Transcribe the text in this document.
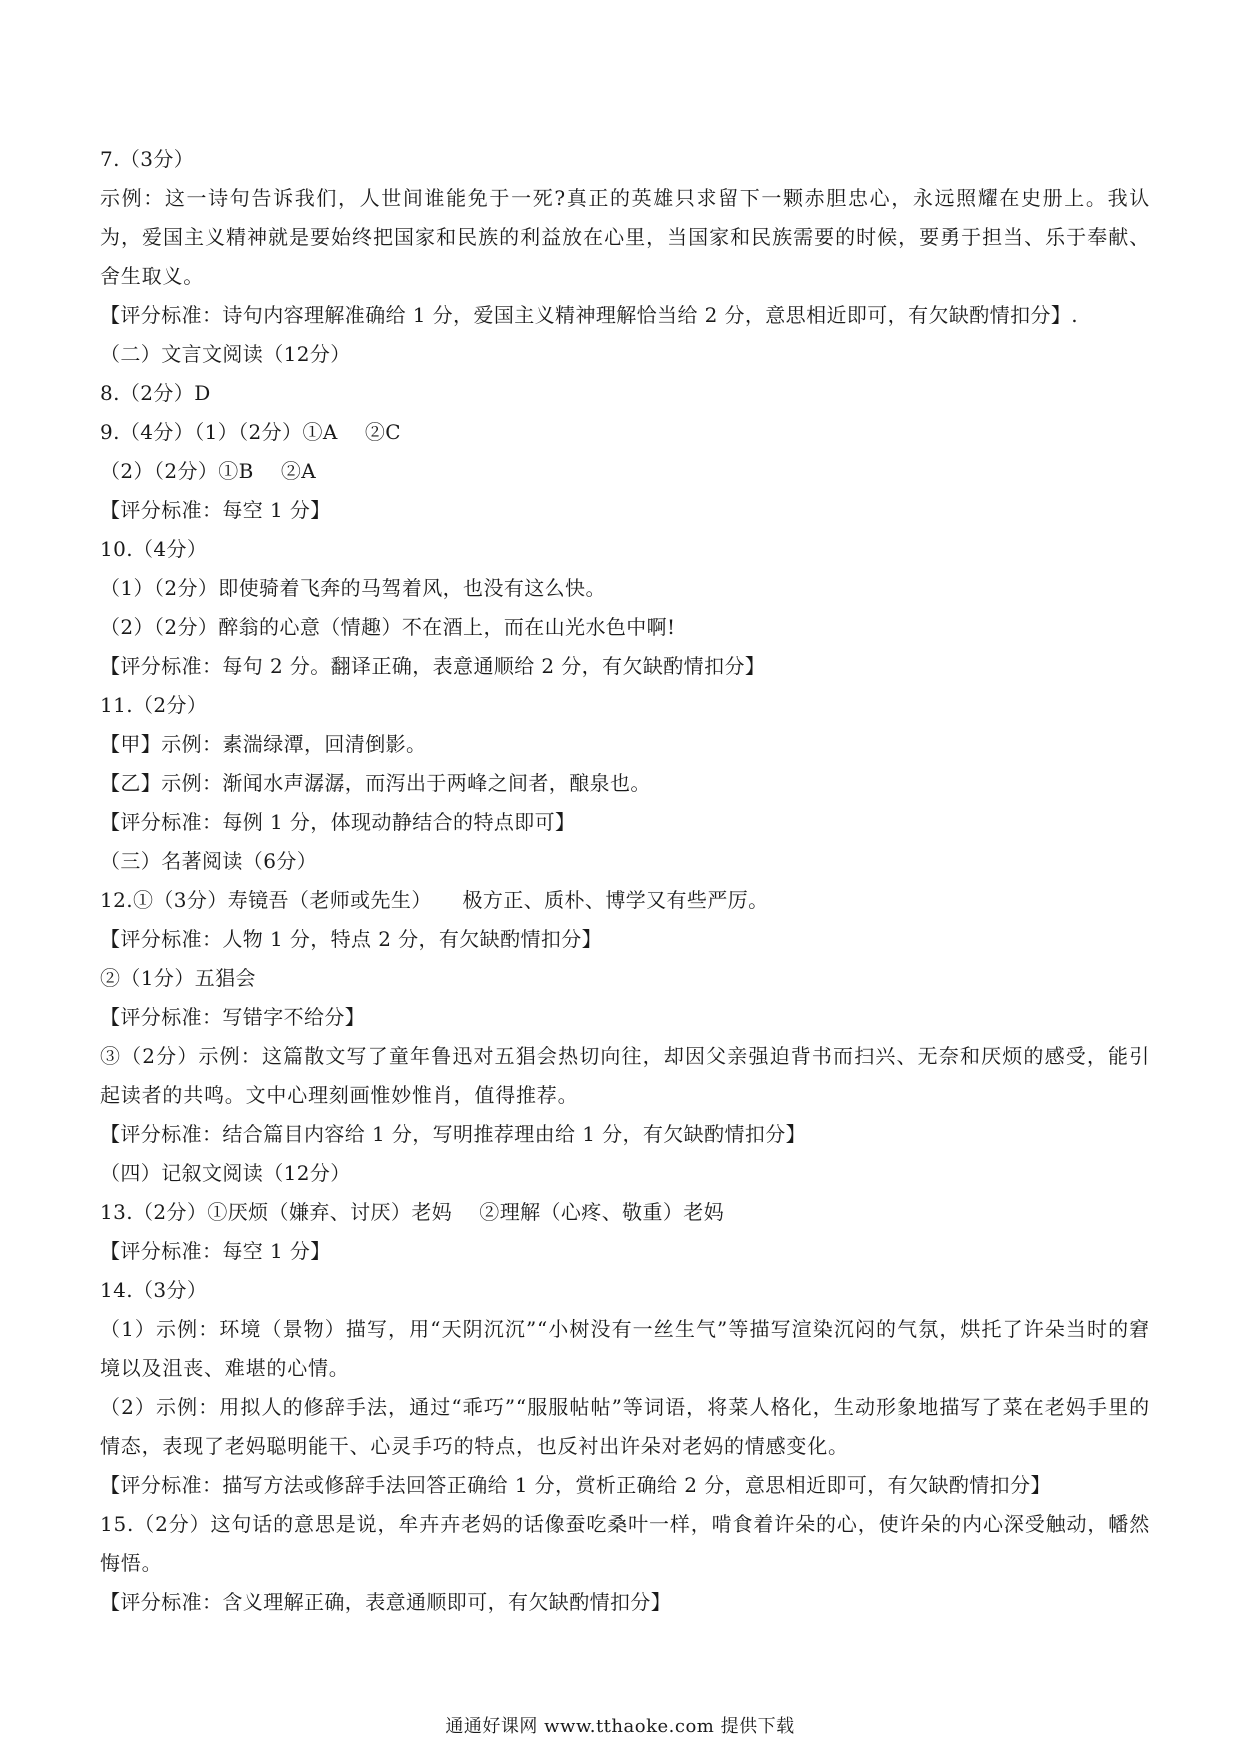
7.（3分）
示例：这一诗句告诉我们，人世间谁能免于一死?真正的英雄只求留下一颗赤胆忠心，永远照耀在史册上。我认为，爱国主义精神就是要始终把国家和民族的利益放在心里，当国家和民族需要的时候，要勇于担当、乐于奉献、舍生取义。
【评分标准：诗句内容理解准确给 1 分，爱国主义精神理解恰当给 2 分，意思相近即可，有欠缺酌情扣分】.
（二）文言文阅读（12分）
8.（2分）D
9.（4分）（1）（2分）①A　 ②C
（2）（2分）①B　 ②A
【评分标准：每空 1 分】
10.（4分）
（1）（2分）即使骑着飞奔的马驾着风，也没有这么快。
（2）（2分）醉翁的心意（情趣）不在酒上，而在山光水色中啊!
【评分标准：每句 2 分。翻译正确，表意通顺给 2 分，有欠缺酌情扣分】
11.（2分）
【甲】示例：素湍绿潭，回清倒影。
【乙】示例：渐闻水声潺潺，而泻出于两峰之间者，酿泉也。
【评分标准：每例 1 分，体现动静结合的特点即可】
（三）名著阅读（6分）
12.①（3分）寿镜吾（老师或先生）　　极方正、质朴、博学又有些严厉。
【评分标准：人物 1 分，特点 2 分，有欠缺酌情扣分】
②（1分）五猖会
【评分标准：写错字不给分】
③（2分）示例：这篇散文写了童年鲁迅对五猖会热切向往，却因父亲强迫背书而扫兴、无奈和厌烦的感受，能引起读者的共鸣。文中心理刻画惟妙惟肖，值得推荐。
【评分标准：结合篇目内容给 1 分，写明推荐理由给 1 分，有欠缺酌情扣分】
（四）记叙文阅读（12分）
13.（2分）①厌烦（嫌弃、讨厌）老妈　 ②理解（心疼、敬重）老妈
【评分标准：每空 1 分】
14.（3分）
（1）示例：环境（景物）描写，用“天阴沉沉”“小树没有一丝生气”等描写渲染沉闷的气氛，烘托了许朵当时的窘境以及沮丧、难堪的心情。
（2）示例：用拟人的修辞手法，通过“乖巧”“服服帖帖”等词语，将菜人格化，生动形象地描写了菜在老妈手里的情态，表现了老妈聪明能干、心灵手巧的特点，也反衬出许朵对老妈的情感变化。
【评分标准：描写方法或修辞手法回答正确给 1 分，赏析正确给 2 分，意思相近即可，有欠缺酌情扣分】
15.（2分）这句话的意思是说，牟卉卉老妈的话像蚕吃桑叶一样，啃食着许朵的心，使许朵的内心深受触动，幡然悔悟。
【评分标准：含义理解正确，表意通顺即可，有欠缺酌情扣分】
通通好课网 www.tthaoke.com 提供下载
